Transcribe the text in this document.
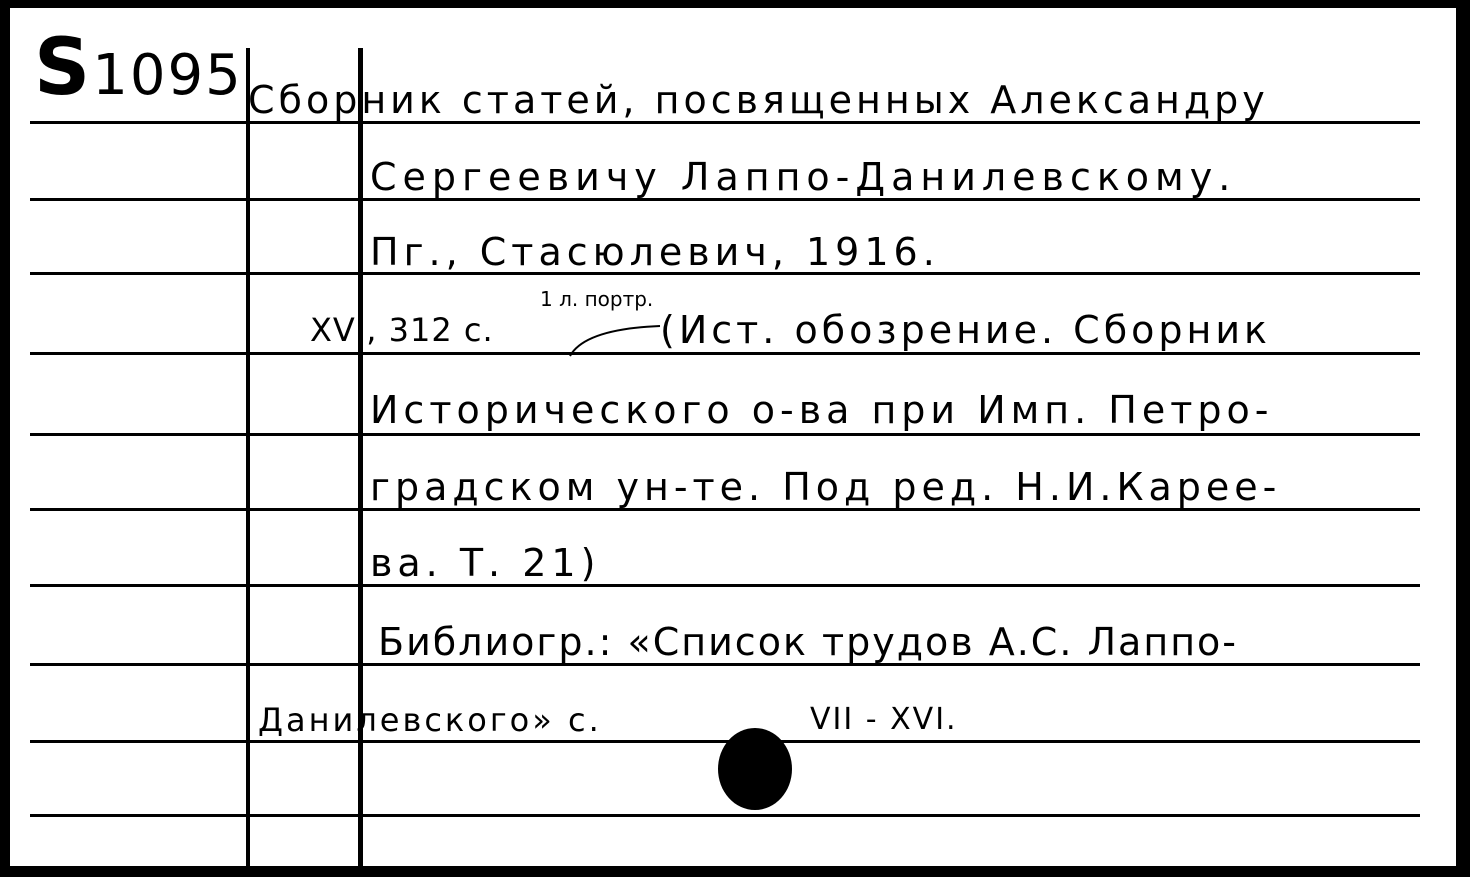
S1095 Сборник статей, посвященных Александру
Сергеевичу Лаппо-Данилевскому.
Пг., Стасюлевич, 1916.
XVI, 312 с.
1 л. портр.
(Ист. обозрение. Сборник
Исторического о-ва при Имп. Петро-
градском ун-те. Под ред. Н.И.Кареe-
ва. Т. 21)
Библиогр.: «Список трудов А.С. Лаппо-
Данилевского» с.	VII - XVI.
